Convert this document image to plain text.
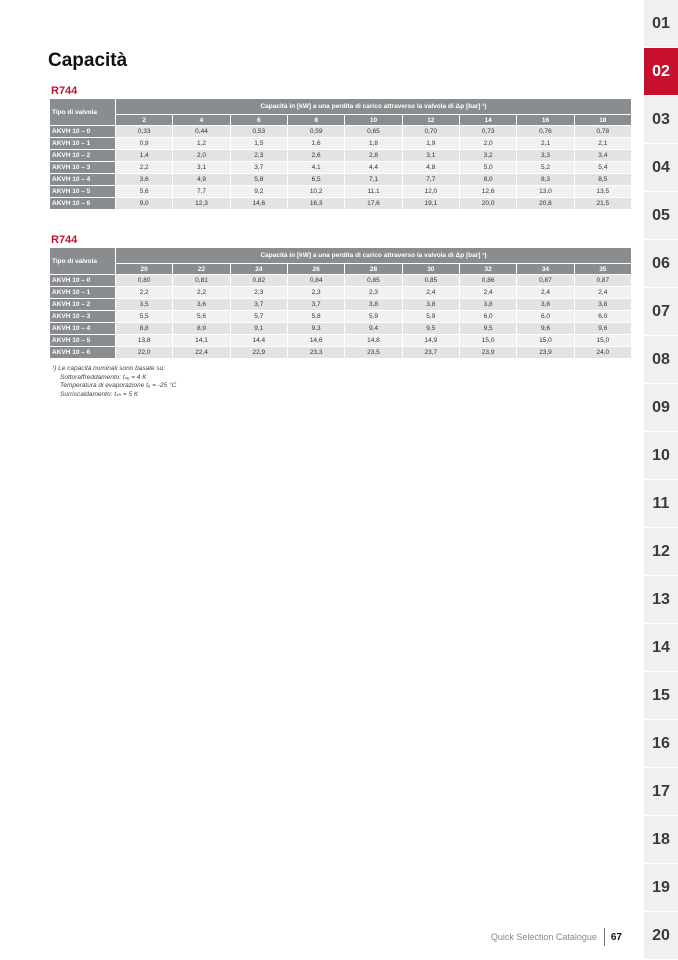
Capacità
R744
Tipo di valvola	Capacità in [kW] a una perdita di carico attraverso la valvola di Δp [bar] ¹)								
	2	4	6	8	10	12	14	16	18
AKVH 10 – 0	0,33	0,44	0,53	0,59	0,65	0,70	0,73	0,76	0,78
AKVH 10 – 1	0,9	1,2	1,5	1,6	1,8	1,9	2,0	2,1	2,1
AKVH 10 – 2	1,4	2,0	2,3	2,6	2,8	3,1	3,2	3,3	3,4
AKVH 10 – 3	2,2	3,1	3,7	4,1	4,4	4,8	5,0	5,2	5,4
AKVH 10 – 4	3,6	4,9	5,8	6,5	7,1	7,7	8,0	8,3	8,5
AKVH 10 – 5	5,6	7,7	9,2	10,2	11,1	12,0	12,6	13,0	13,5
AKVH 10 – 6	9,0	12,3	14,6	16,3	17,6	19,1	20,0	20,8	21,5
R744
Tipo di valvola	Capacità in [kW] a una perdita di carico attraverso la valvola di Δp [bar] ¹)								
	20	22	24	26	28	30	32	34	35
AKVH 10 – 0	0,80	0,81	0,82	0,84	0,85	0,85	0,86	0,87	0,87
AKVH 10 – 1	2,2	2,2	2,3	2,3	2,3	2,4	2,4	2,4	2,4
AKVH 10 – 2	3,5	3,6	3,7	3,7	3,8	3,8	3,8	3,8	3,8
AKVH 10 – 3	5,5	5,6	5,7	5,8	5,9	5,9	6,0	6,0	6,0
AKVH 10 – 4	8,8	8,9	9,1	9,3	9,4	9,5	9,5	9,6	9,6
AKVH 10 – 5	13,8	14,1	14,4	14,6	14,8	14,9	15,0	15,0	15,0
AKVH 10 – 6	22,0	22,4	22,9	23,3	23,5	23,7	23,9	23,9	24,0
¹) Le capacità nominali sono basate su:
Sottoraffreddamento: tₛᵤ = 4 K
Temperatura di evaporazione tₑ = -25 °C
Surriscaldamento: tₛₕ = 5 K
01
02
03
04
05
06
07
08
09
10
11
12
13
14
15
16
17
18
19
20
Quick Selection Catalogue 67
